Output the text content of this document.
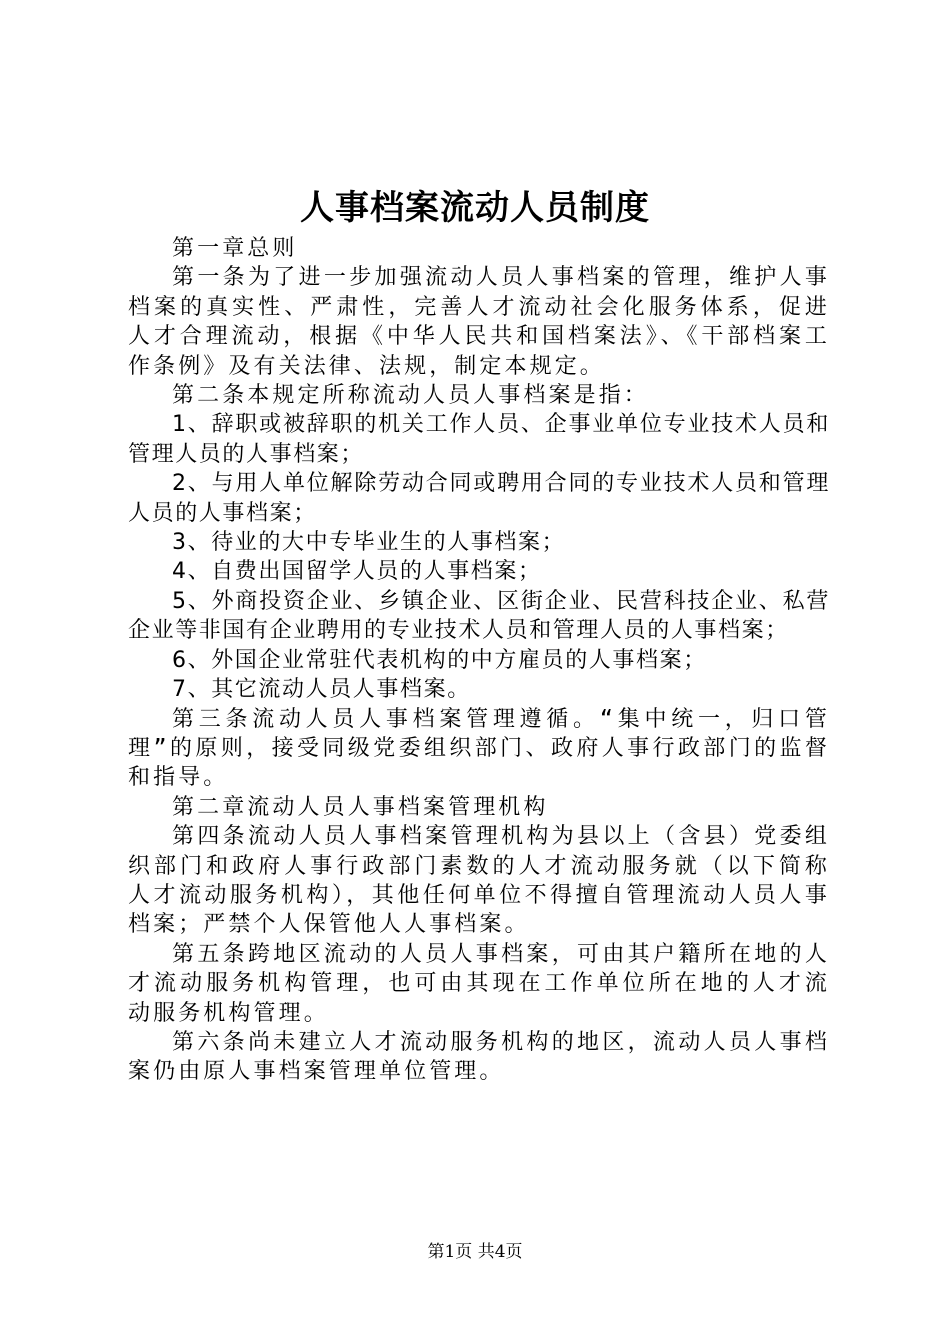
人事档案流动人员制度

第一章总则

第一条为了进一步加强流动人员人事档案的管理，维护人事档案的真实性、严肃性，完善人才流动社会化服务体系，促进人才合理流动，根据《中华人民共和国档案法》、《干部档案工作条例》及有关法律、法规，制定本规定。

第二条本规定所称流动人员人事档案是指：

1、辞职或被辞职的机关工作人员、企事业单位专业技术人员和管理人员的人事档案；

2、与用人单位解除劳动合同或聘用合同的专业技术人员和管理人员的人事档案；

3、待业的大中专毕业生的人事档案；

4、自费出国留学人员的人事档案；

5、外商投资企业、乡镇企业、区街企业、民营科技企业、私营企业等非国有企业聘用的专业技术人员和管理人员的人事档案；

6、外国企业常驻代表机构的中方雇员的人事档案；

7、其它流动人员人事档案。

第三条流动人员人事档案管理遵循。“集中统一，归口管理”的原则，接受同级党委组织部门、政府人事行政部门的监督和指导。

第二章流动人员人事档案管理机构

第四条流动人员人事档案管理机构为县以上（含县）党委组织部门和政府人事行政部门素数的人才流动服务就（以下简称人才流动服务机构），其他任何单位不得擅自管理流动人员人事档案；严禁个人保管他人人事档案。

第五条跨地区流动的人员人事档案，可由其户籍所在地的人才流动服务机构管理，也可由其现在工作单位所在地的人才流动服务机构管理。

第六条尚未建立人才流动服务机构的地区，流动人员人事档案仍由原人事档案管理单位管理。

第1页 共4页
